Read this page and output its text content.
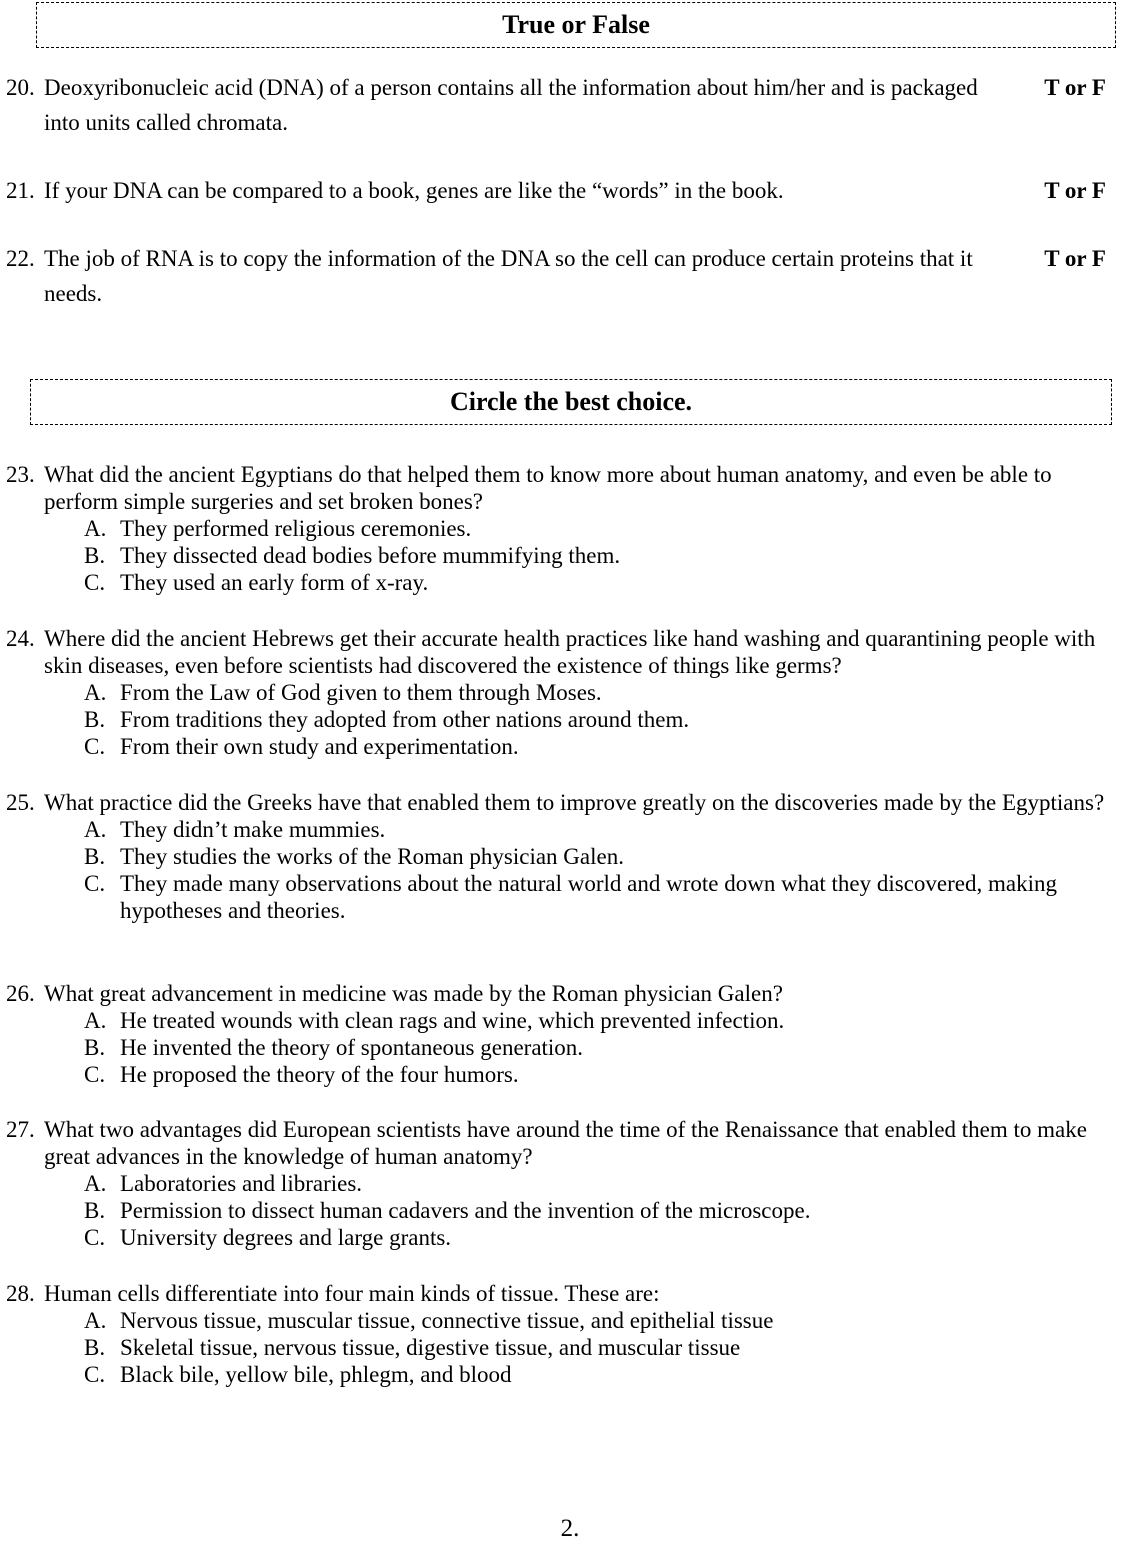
True or False
20. Deoxyribonucleic acid (DNA) of a person contains all the information about him/her and is packaged into units called chromata.
T or F
21. If your DNA can be compared to a book, genes are like the “words” in the book.	T or F
22. The job of RNA is to copy the information of the DNA so the cell can produce certain proteins that it needs.
T or F
Circle the best choice.
23. What did the ancient Egyptians do that helped them to know more about human anatomy, and even be able to perform simple surgeries and set broken bones?
A. They performed religious ceremonies.
B. They dissected dead bodies before mummifying them.
C. They used an early form of x-ray.
24. Where did the ancient Hebrews get their accurate health practices like hand washing and quarantining people with skin diseases, even before scientists had discovered the existence of things like germs?
A. From the Law of God given to them through Moses.
B. From traditions they adopted from other nations around them.
C. From their own study and experimentation.
25. What practice did the Greeks have that enabled them to improve greatly on the discoveries made by the Egyptians?
A. They didn’t make mummies.
B. They studies the works of the Roman physician Galen.
C. They made many observations about the natural world and wrote down what they discovered, making hypotheses and theories.
26. What great advancement in medicine was made by the Roman physician Galen?
A. He treated wounds with clean rags and wine, which prevented infection.
B. He invented the theory of spontaneous generation.
C. He proposed the theory of the four humors.
27. What two advantages did European scientists have around the time of the Renaissance that enabled them to make great advances in the knowledge of human anatomy?
A. Laboratories and libraries.
B. Permission to dissect human cadavers and the invention of the microscope.
C. University degrees and large grants.
28. Human cells differentiate into four main kinds of tissue. These are:
A. Nervous tissue, muscular tissue, connective tissue, and epithelial tissue
B. Skeletal tissue, nervous tissue, digestive tissue, and muscular tissue
C. Black bile, yellow bile, phlegm, and blood
2.
